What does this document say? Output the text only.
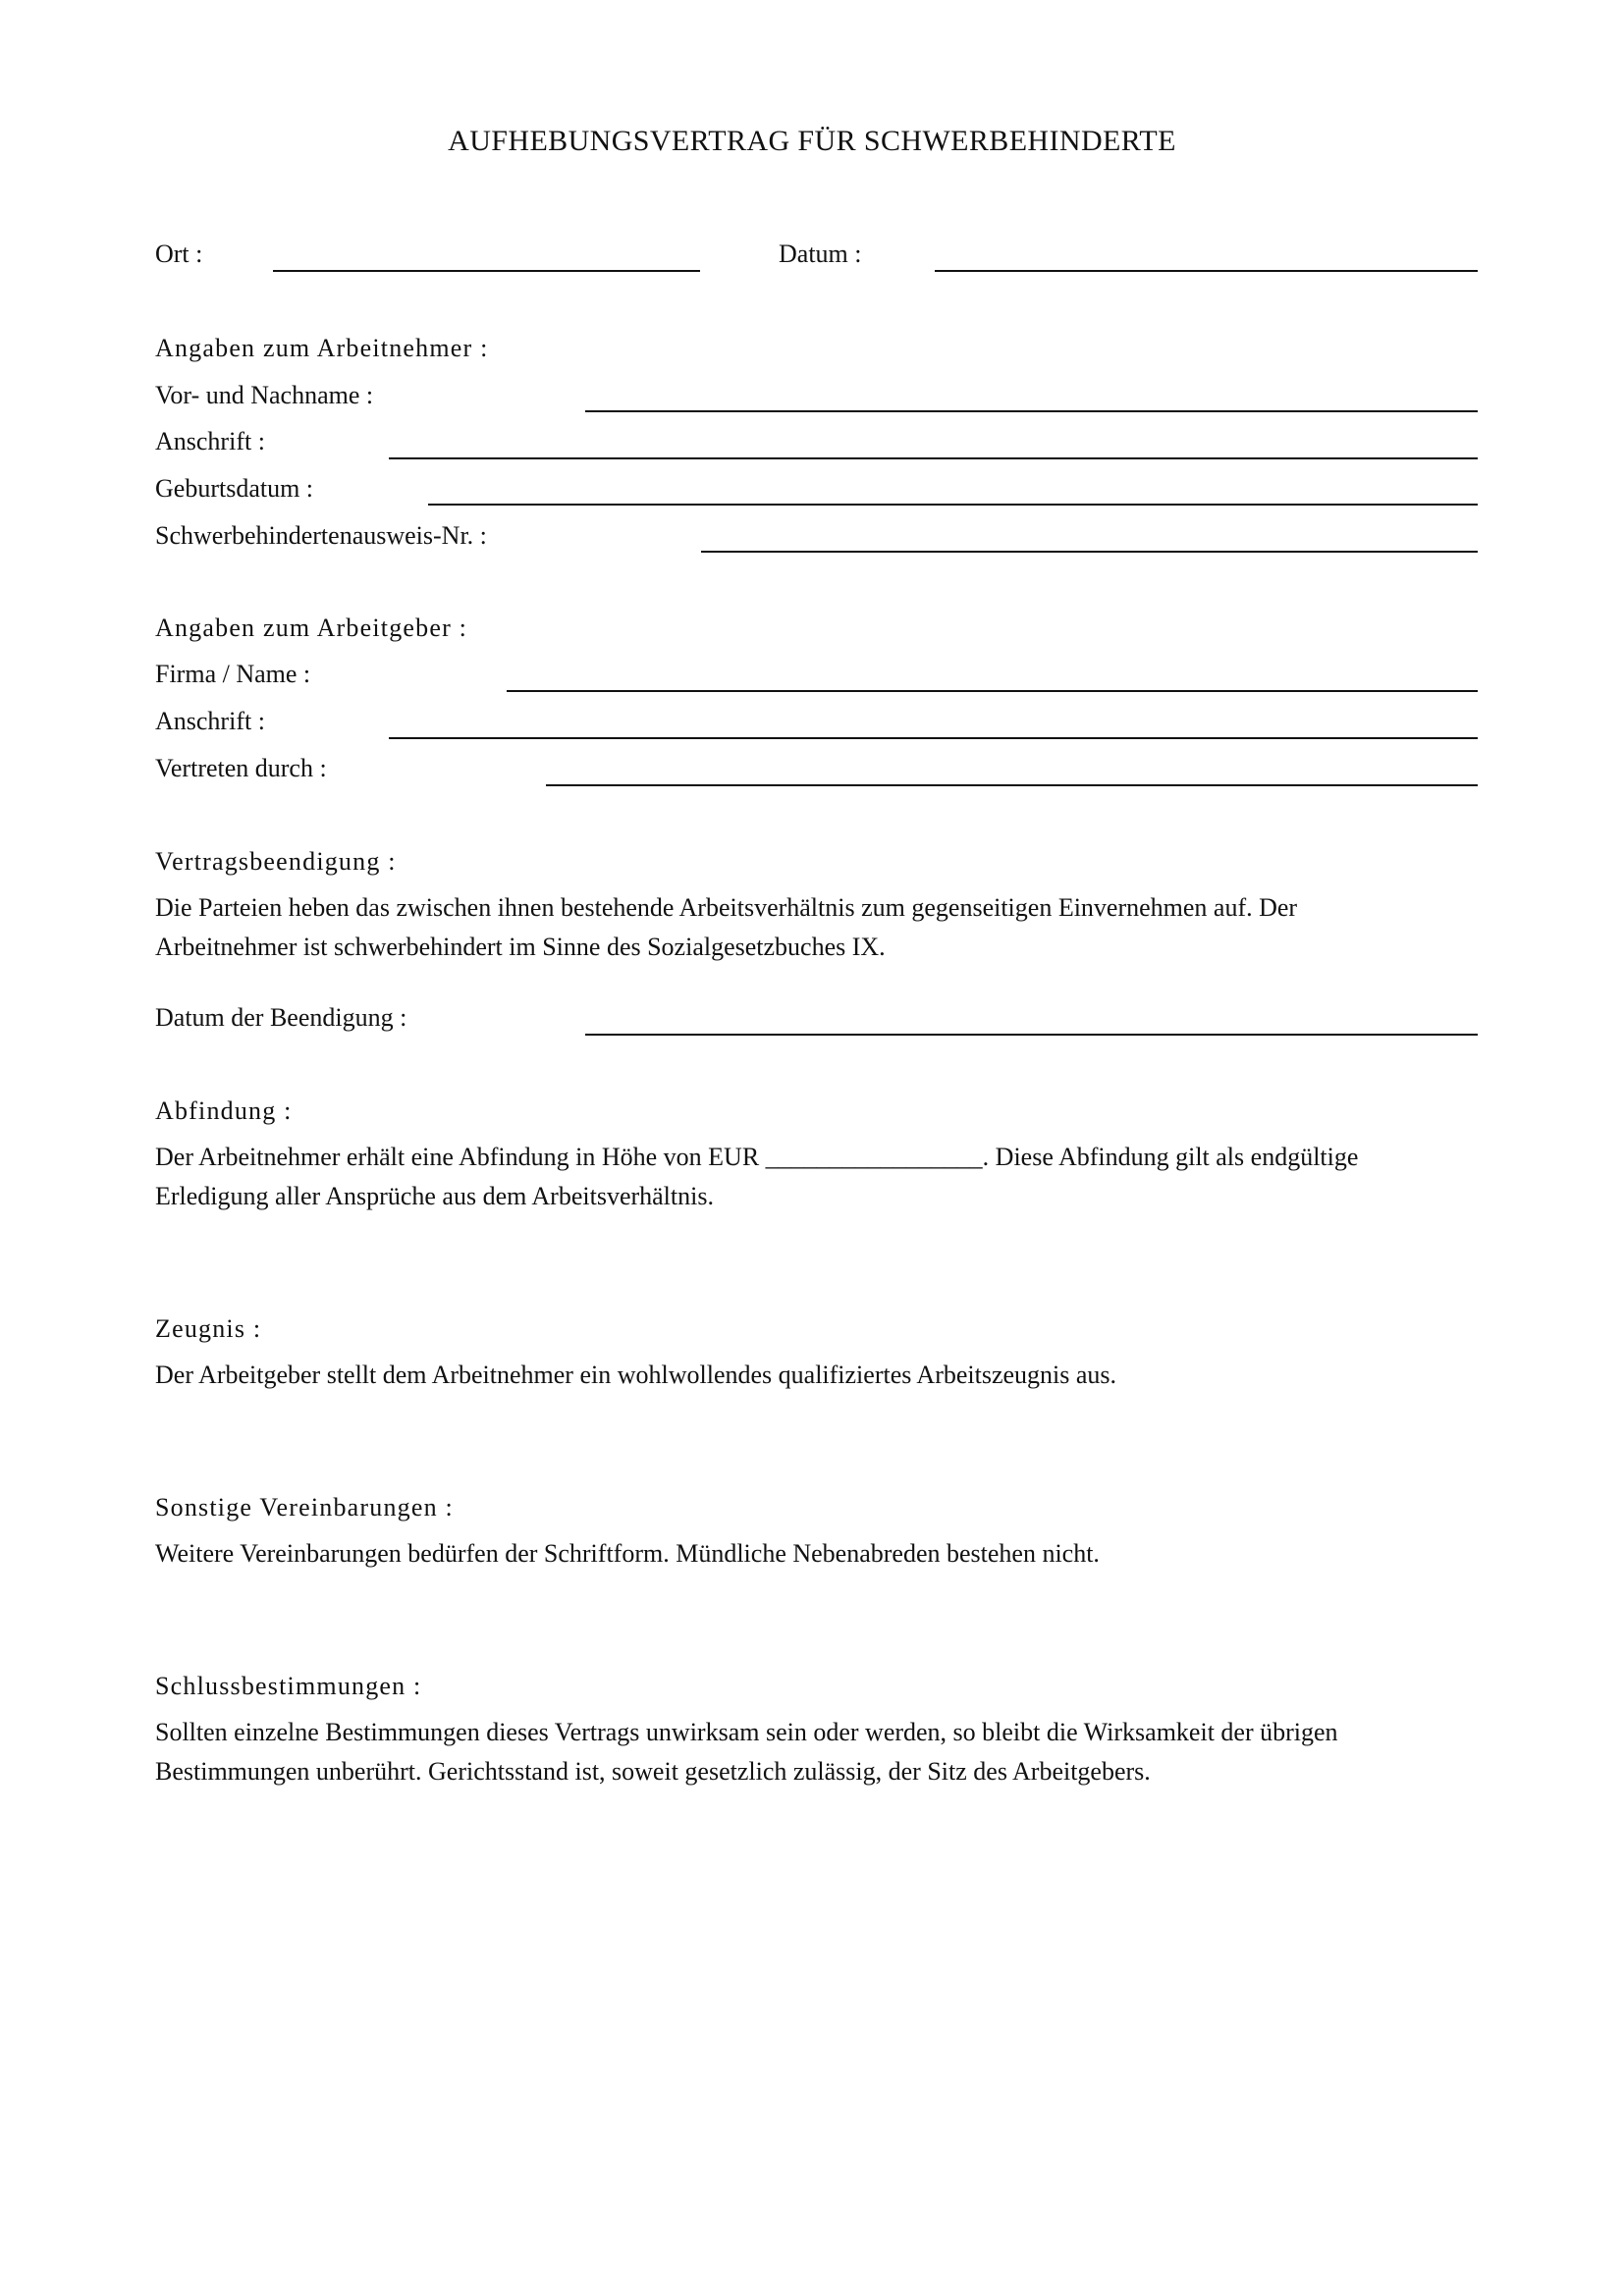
AUFHEBUNGSVERTRAG FÜR SCHWERBEHINDERTE
Ort :	Datum :
Angaben zum Arbeitnehmer :
Vor- und Nachname :
Anschrift :
Geburtsdatum :
Schwerbehindertenausweis-Nr. :
Angaben zum Arbeitgeber :
Firma / Name :
Anschrift :
Vertreten durch :
Vertragsbeendigung :
Die Parteien heben das zwischen ihnen bestehende Arbeitsverhältnis zum gegenseitigen Einvernehmen auf. Der
Arbeitnehmer ist schwerbehindert im Sinne des Sozialgesetzbuches IX.
Datum der Beendigung :
Abfindung :
Der Arbeitnehmer erhält eine Abfindung in Höhe von EUR _________________. Diese Abfindung gilt als endgültige
Erledigung aller Ansprüche aus dem Arbeitsverhältnis.
Zeugnis :
Der Arbeitgeber stellt dem Arbeitnehmer ein wohlwollendes qualifiziertes Arbeitszeugnis aus.
Sonstige Vereinbarungen :
Weitere Vereinbarungen bedürfen der Schriftform. Mündliche Nebenabreden bestehen nicht.
Schlussbestimmungen :
Sollten einzelne Bestimmungen dieses Vertrags unwirksam sein oder werden, so bleibt die Wirksamkeit der übrigen
Bestimmungen unberührt. Gerichtsstand ist, soweit gesetzlich zulässig, der Sitz des Arbeitgebers.
